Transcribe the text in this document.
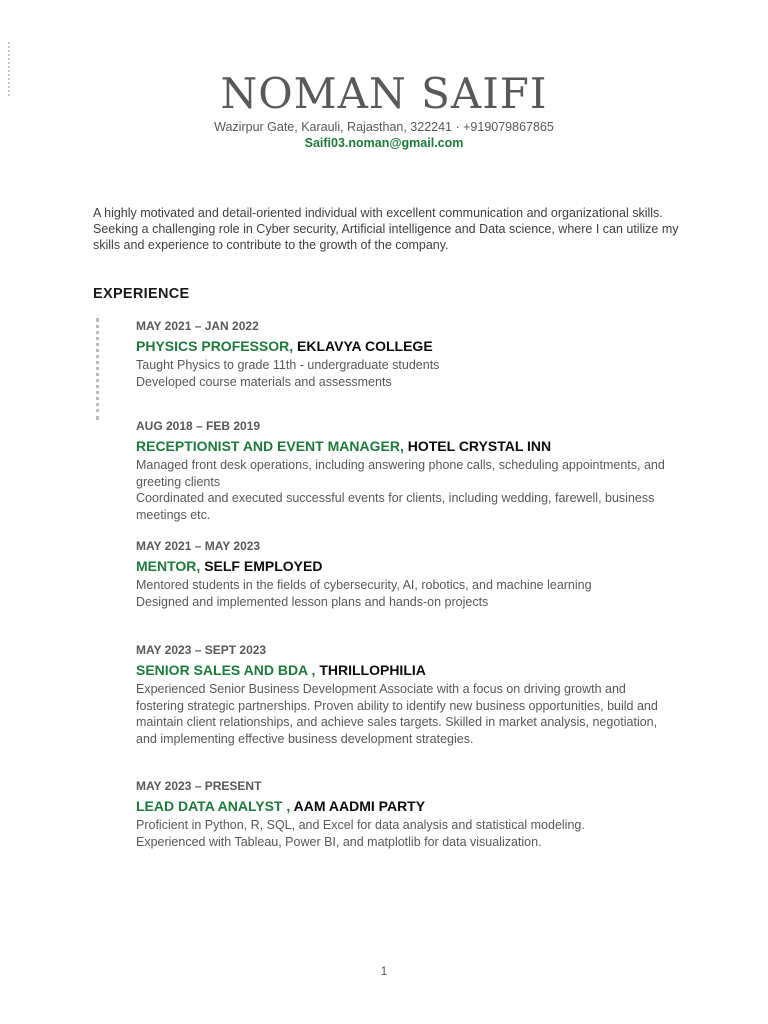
NOMAN SAIFI
Wazirpur Gate, Karauli, Rajasthan, 322241 · +919079867865
Saifi03.noman@gmail.com
A highly motivated and detail-oriented individual with excellent communication and organizational skills. Seeking a challenging role in Cyber security, Artificial intelligence and Data science, where I can utilize my skills and experience to contribute to the growth of the company.
EXPERIENCE
MAY 2021 – JAN 2022
PHYSICS PROFESSOR, EKLAVYA COLLEGE
Taught Physics to grade 11th - undergraduate students
Developed course materials and assessments
AUG 2018 – FEB 2019
RECEPTIONIST AND EVENT MANAGER, HOTEL CRYSTAL INN
Managed front desk operations, including answering phone calls, scheduling appointments, and greeting clients
Coordinated and executed successful events for clients, including wedding, farewell, business meetings etc.
MAY 2021 – MAY 2023
MENTOR, SELF EMPLOYED
Mentored students in the fields of cybersecurity, AI, robotics, and machine learning
Designed and implemented lesson plans and hands-on projects
MAY 2023 – SEPT 2023
SENIOR SALES AND BDA , THRILLOPHILIA
Experienced Senior Business Development Associate with a focus on driving growth and fostering strategic partnerships. Proven ability to identify new business opportunities, build and maintain client relationships, and achieve sales targets. Skilled in market analysis, negotiation, and implementing effective business development strategies.
MAY 2023 – PRESENT
LEAD DATA ANALYST , AAM AADMI PARTY
Proficient in Python, R, SQL, and Excel for data analysis and statistical modeling.
Experienced with Tableau, Power BI, and matplotlib for data visualization.
1
